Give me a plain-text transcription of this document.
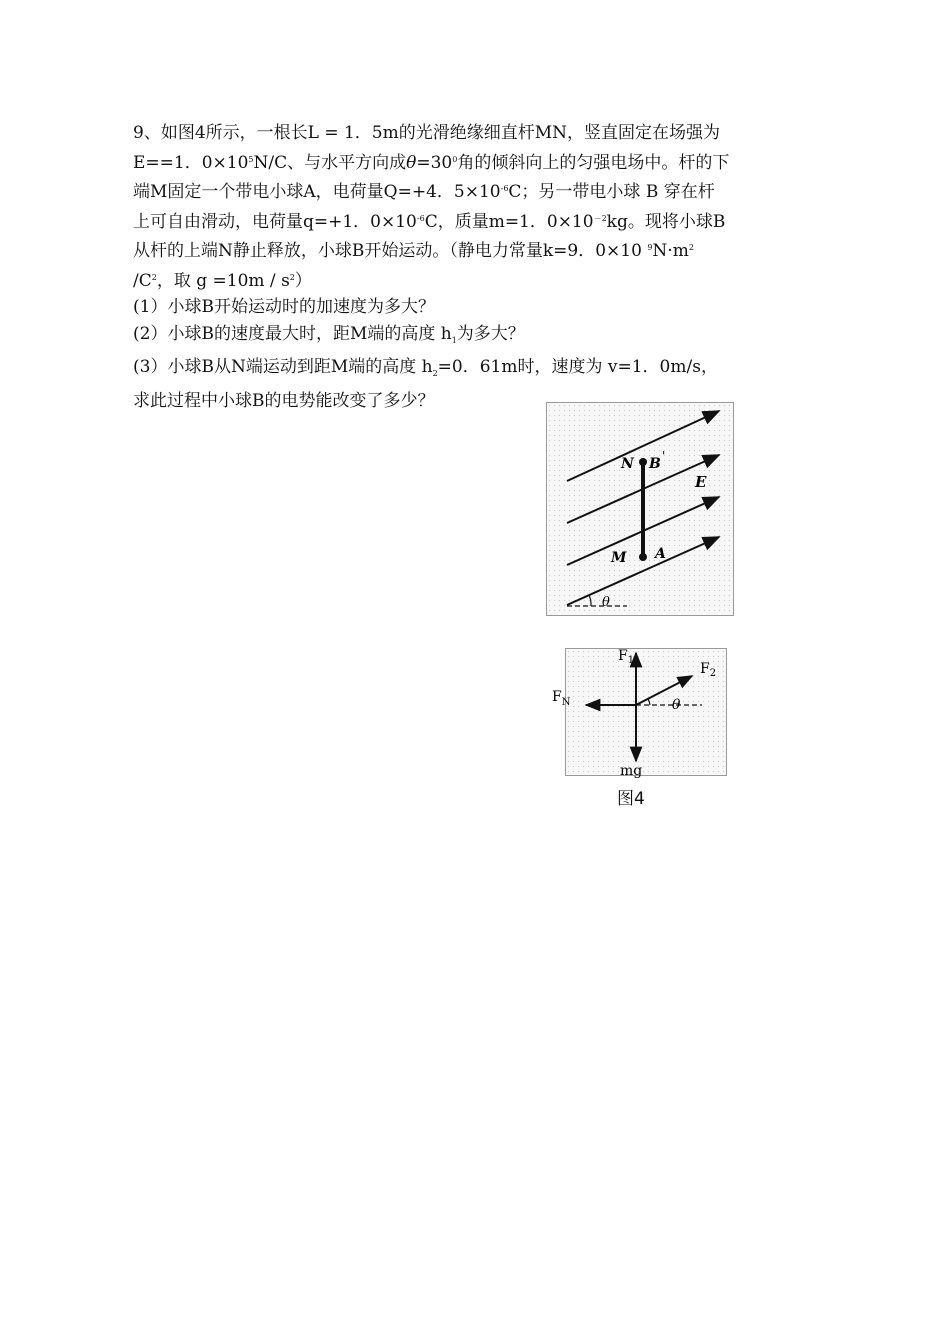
9、如图4所示，一根长L = 1．5m的光滑绝缘细直杆MN，竖直固定在场强为
E==1．$0\times 10^5N/C$、与水平方向成$\theta=30^0$角的倾斜向上的匀强电场中。杆的下
端M固定一个带电小球A，电荷量Q=+4．$5\times 10^{-6}C$；另一带电小球 B 穿在杆
上可自由滑动，电荷量q=+1．$0\times 10^{-6}C$，质量m=1．$0\times 10^{-2}kg$。现将小球B
从杆的上端N静止释放，小球B开始运动。（静电力常量k=9．0×10 $^9N\cdot m^2$
$/C^2$，取 $g =10m / s^2$）
(1）小球B开始运动时的加速度为多大？
(2）小球B的速度最大时，距M端的高度 $h_1$为多大？
(3）小球B从N端运动到距M端的高度 $h_2=0$．61m时，速度为 v=1．0m/s，
求此过程中小球B的电势能改变了多少？
N B '
E
M A
θ
$F_1$
$F_2$
$F_N$	θ
mg
图4
